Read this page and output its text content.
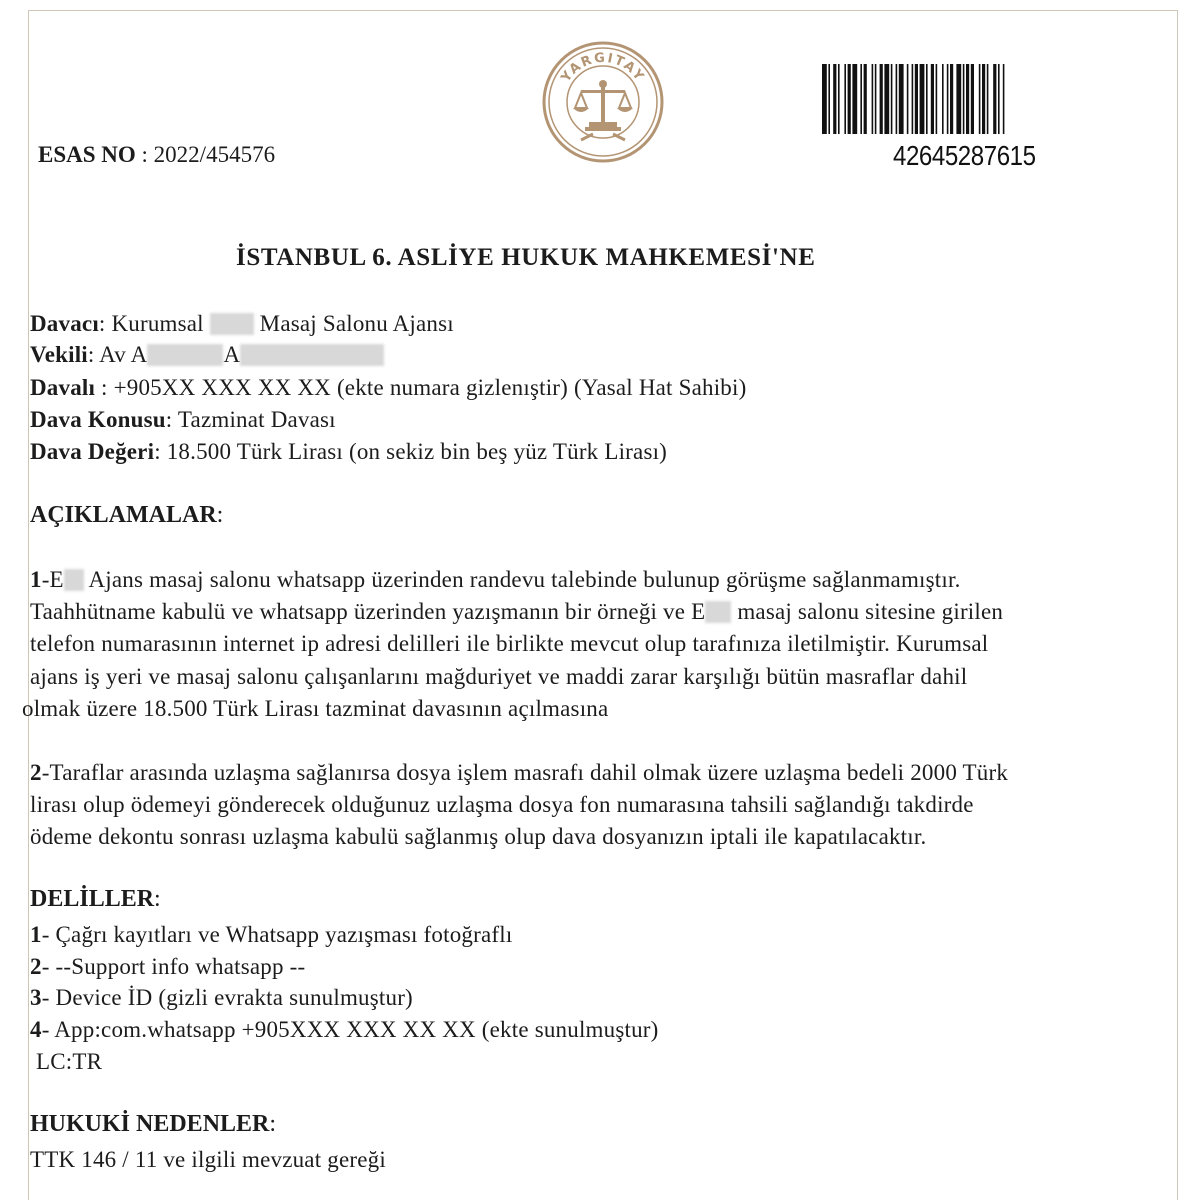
ESAS NO : 2022/454576
YARGITAY
42645287615
İSTANBUL 6. ASLİYE HUKUK MAHKEMESİ'NE
Davacı: Kurumsal  Masaj Salonu Ajansı
Vekili: Av A	A
Davalı : +905XX XXX XX XX (ekte numara gizlenıştir) (Yasal Hat Sahibi)
Dava Konusu: Tazminat Davası
Dava Değeri: 18.500 Türk Lirası (on sekiz bin beş yüz Türk Lirası)
AÇIKLAMALAR:
1-E Ajans masaj salonu whatsapp üzerinden randevu talebinde bulunup görüşme sağlanmamıştır.
Taahhütname kabulü ve whatsapp üzerinden yazışmanın bir örneği ve E masaj salonu sitesine girilen
telefon numarasının internet ip adresi delilleri ile birlikte mevcut olup tarafınıza iletilmiştir. Kurumsal
ajans iş yeri ve masaj salonu çalışanlarını mağduriyet ve maddi zarar karşılığı bütün masraflar dahil
olmak üzere 18.500 Türk Lirası tazminat davasının açılmasına
2-Taraflar arasında uzlaşma sağlanırsa dosya işlem masrafı dahil olmak üzere uzlaşma bedeli 2000 Türk
lirası olup ödemeyi gönderecek olduğunuz uzlaşma dosya fon numarasına tahsili sağlandığı takdirde
ödeme dekontu sonrası uzlaşma kabulü sağlanmış olup dava dosyanızın iptali ile kapatılacaktır.
DELİLLER:
1- Çağrı kayıtları ve Whatsapp yazışması fotoğraflı
2- --Support info whatsapp --
3- Device İD (gizli evrakta sunulmuştur)
4- App:com.whatsapp +905XXX XXX XX XX (ekte sunulmuştur)
LC:TR
HUKUKİ NEDENLER:
TTK 146 / 11 ve ilgili mevzuat gereği
